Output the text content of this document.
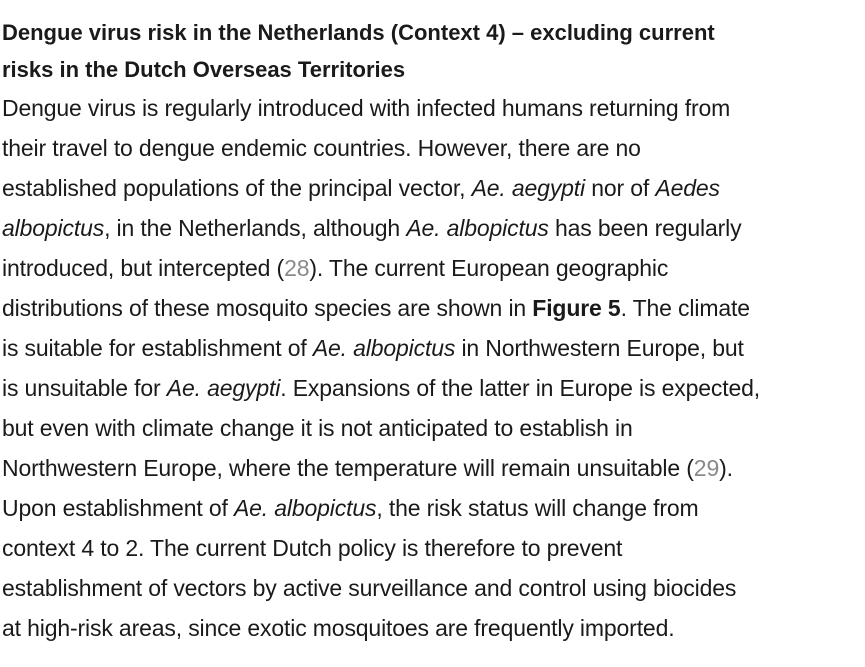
Dengue virus risk in the Netherlands (Context 4) – excluding current
risks in the Dutch Overseas Territories

Dengue virus is regularly introduced with infected humans returning from
their travel to dengue endemic countries. However, there are no
established populations of the principal vector, Ae. aegypti nor of Aedes
albopictus, in the Netherlands, although Ae. albopictus has been regularly
introduced, but intercepted (28). The current European geographic
distributions of these mosquito species are shown in Figure 5. The climate
is suitable for establishment of Ae. albopictus in Northwestern Europe, but
is unsuitable for Ae. aegypti. Expansions of the latter in Europe is expected,
but even with climate change it is not anticipated to establish in
Northwestern Europe, where the temperature will remain unsuitable (29).
Upon establishment of Ae. albopictus, the risk status will change from
context 4 to 2. The current Dutch policy is therefore to prevent
establishment of vectors by active surveillance and control using biocides
at high-risk areas, since exotic mosquitoes are frequently imported.
